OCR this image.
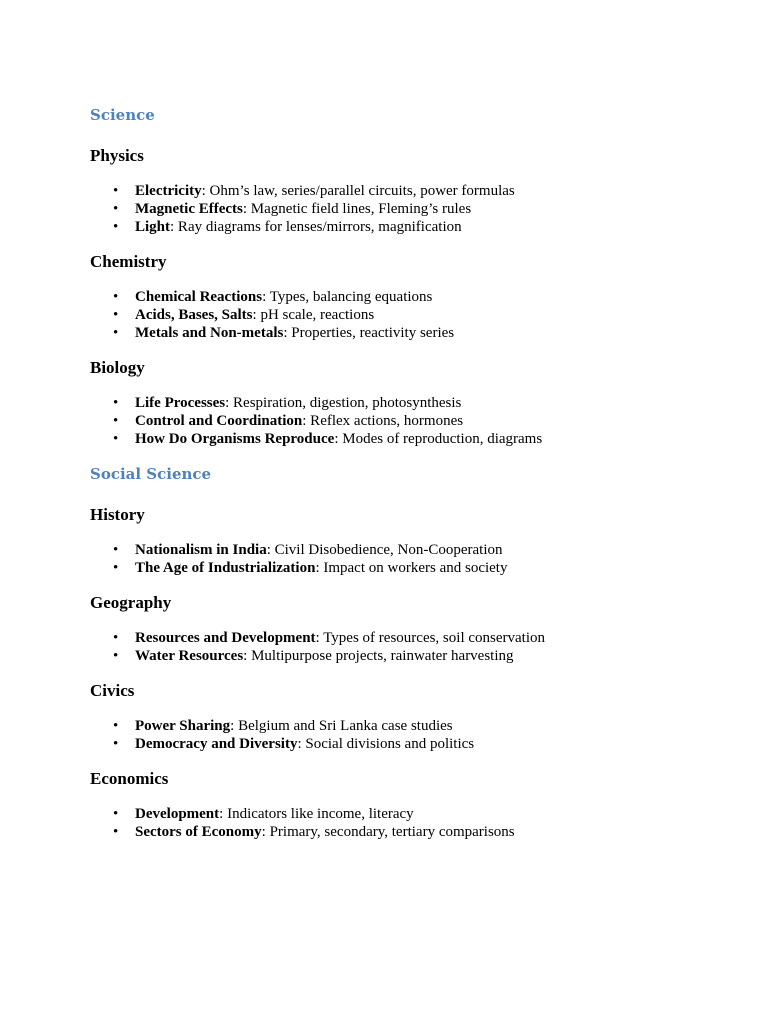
Science
Physics
• Electricity: Ohm’s law, series/parallel circuits, power formulas
• Magnetic Effects: Magnetic field lines, Fleming’s rules
• Light: Ray diagrams for lenses/mirrors, magnification
Chemistry
• Chemical Reactions: Types, balancing equations
• Acids, Bases, Salts: pH scale, reactions
• Metals and Non-metals: Properties, reactivity series
Biology
• Life Processes: Respiration, digestion, photosynthesis
• Control and Coordination: Reflex actions, hormones
• How Do Organisms Reproduce: Modes of reproduction, diagrams
Social Science
History
• Nationalism in India: Civil Disobedience, Non-Cooperation
• The Age of Industrialization: Impact on workers and society
Geography
• Resources and Development: Types of resources, soil conservation
• Water Resources: Multipurpose projects, rainwater harvesting
Civics
• Power Sharing: Belgium and Sri Lanka case studies
• Democracy and Diversity: Social divisions and politics
Economics
• Development: Indicators like income, literacy
• Sectors of Economy: Primary, secondary, tertiary comparisons
